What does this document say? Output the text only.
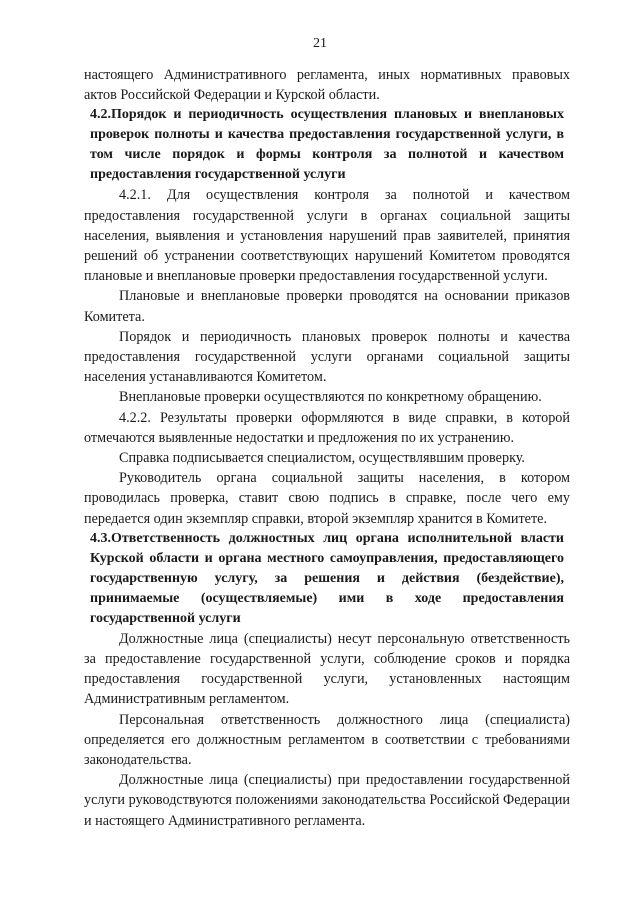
21

настоящего Административного регламента, иных нормативных правовых актов Российской Федерации и Курской области.

4.2.Порядок и периодичность осуществления плановых и внеплановых проверок полноты и качества предоставления государственной услуги, в том числе порядок и формы контроля за полнотой и качеством предоставления государственной услуги

4.2.1. Для осуществления контроля за полнотой и качеством предоставления государственной услуги в органах социальной защиты населения, выявления и установления нарушений прав заявителей, принятия решений об устранении соответствующих нарушений Комитетом проводятся плановые и внеплановые проверки предоставления государственной услуги.

Плановые и внеплановые проверки проводятся на основании приказов Комитета.

Порядок и периодичность плановых проверок полноты и качества предоставления государственной услуги органами социальной защиты населения устанавливаются Комитетом.

Внеплановые проверки осуществляются по конкретному обращению.

4.2.2. Результаты проверки оформляются в виде справки, в которой отмечаются выявленные недостатки и предложения по их устранению.

Справка подписывается специалистом, осуществлявшим проверку.

Руководитель органа социальной защиты населения, в котором проводилась проверка, ставит свою подпись в справке, после чего ему передается один экземпляр справки, второй экземпляр хранится в Комитете.

4.3.Ответственность должностных лиц органа исполнительной власти Курской области и органа местного самоуправления, предоставляющего государственную услугу, за решения и действия (бездействие), принимаемые (осуществляемые) ими в ходе предоставления государственной услуги

Должностные лица (специалисты) несут персональную ответственность за предоставление государственной услуги, соблюдение сроков и порядка предоставления государственной услуги, установленных настоящим Административным регламентом.

Персональная ответственность должностного лица (специалиста) определяется его должностным регламентом в соответствии с требованиями законодательства.

Должностные лица (специалисты) при предоставлении государственной услуги руководствуются положениями законодательства Российской Федерации и настоящего Административного регламента.
